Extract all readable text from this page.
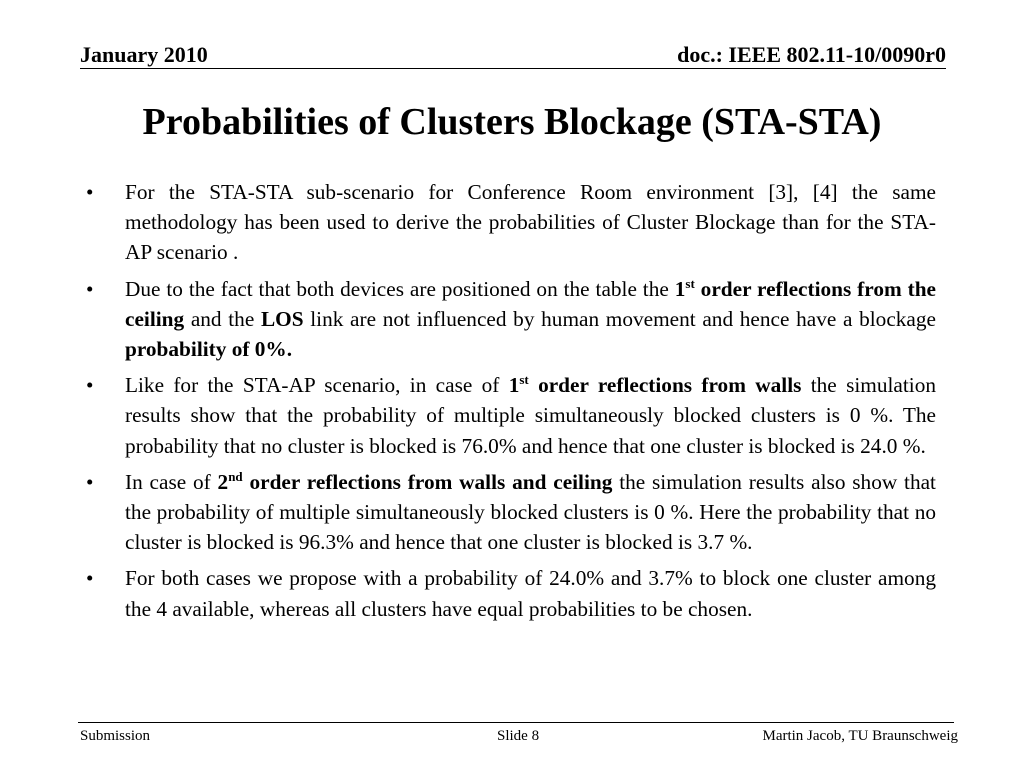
January 2010	doc.: IEEE 802.11-10/0090r0
Probabilities of Clusters Blockage (STA-STA)
• For the STA-STA sub-scenario for Conference Room environment [3], [4] the same methodology has been used to derive the probabilities of Cluster Blockage than for the STA-AP scenario .
• Due to the fact that both devices are positioned on the table the 1st order reflections from the ceiling and the LOS link are not influenced by human movement and hence have a blockage probability of 0%.
• Like for the STA-AP scenario, in case of 1st order reflections from walls the simulation results show that the probability of multiple simultaneously blocked clusters is 0 %. The probability that no cluster is blocked is 76.0% and hence that one cluster is blocked is 24.0 %.
• In case of 2nd order reflections from walls and ceiling the simulation results also show that the probability of multiple simultaneously blocked clusters is 0 %. Here the probability that no cluster is blocked is 96.3% and hence that one cluster is blocked is 3.7 %.
• For both cases we propose with a probability of 24.0% and 3.7% to block one cluster among the 4 available, whereas all clusters have equal probabilities to be chosen.
Submission	Slide 8	Martin Jacob, TU Braunschweig
